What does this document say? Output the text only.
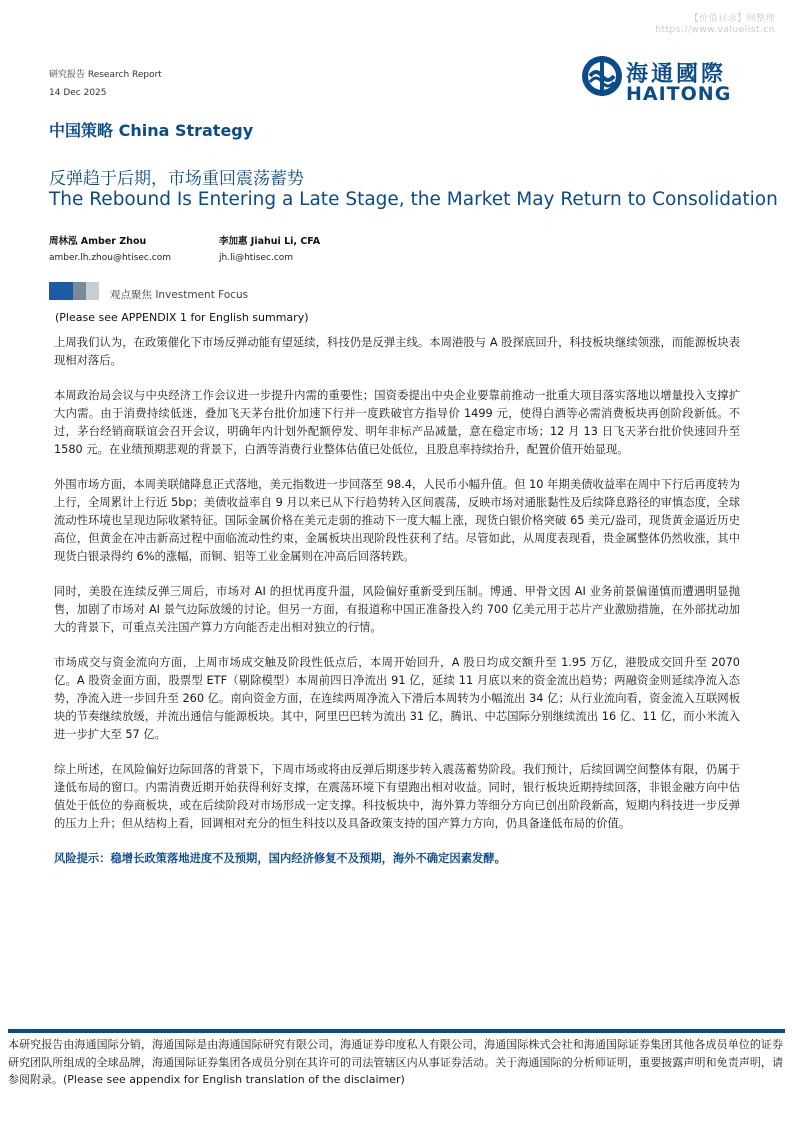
【价值目录】网整理
https://www.valuelist.cn
研究报告 Research Report
14 Dec 2025
海通國際
HAITONG
中国策略 China Strategy
反弹趋于后期，市场重回震荡蓄势
The Rebound Is Entering a Late Stage, the Market May Return to Consolidation
周林泓 Amber Zhou	李加惠 Jiahui Li, CFA
amber.lh.zhou@htisec.com	jh.li@htisec.com
观点聚焦 Investment Focus
(Please see APPENDIX 1 for English summary)

上周我们认为，在政策催化下市场反弹动能有望延续，科技仍是反弹主线。本周港股与 A 股探底回升，科技板块继续领涨，而能源板块表现相对落后。

本周政治局会议与中央经济工作会议进一步提升内需的重要性；国资委提出中央企业要靠前推动一批重大项目落实落地以增量投入支撑扩大内需。由于消费持续低迷，叠加飞天茅台批价加速下行并一度跌破官方指导价 1499 元，使得白酒等必需消费板块再创阶段新低。不过，茅台经销商联谊会召开会议，明确年内计划外配额停发、明年非标产品减量，意在稳定市场；12 月 13 日飞天茅台批价快速回升至 1580 元。在业绩预期悲观的背景下，白酒等消费行业整体估值已处低位，且股息率持续抬升，配置价值开始显现。

外围市场方面，本周美联储降息正式落地，美元指数进一步回落至 98.4，人民币小幅升值。但 10 年期美债收益率在周中下行后再度转为上行，全周累计上行近 5bp；美债收益率自 9 月以来已从下行趋势转入区间震荡，反映市场对通胀黏性及后续降息路径的审慎态度，全球流动性环境也呈现边际收紧特征。国际金属价格在美元走弱的推动下一度大幅上涨，现货白银价格突破 65 美元/盎司，现货黄金逼近历史高位，但黄金在冲击新高过程中面临流动性约束，金属板块出现阶段性获利了结。尽管如此，从周度表现看，贵金属整体仍然收涨，其中现货白银录得约 6%的涨幅，而铜、铝等工业金属则在冲高后回落转跌。

同时，美股在连续反弹三周后，市场对 AI 的担忧再度升温，风险偏好重新受到压制。博通、甲骨文因 AI 业务前景偏谨慎而遭遇明显抛售，加剧了市场对 AI 景气边际放缓的讨论。但另一方面，有报道称中国正准备投入约 700 亿美元用于芯片产业激励措施，在外部扰动加大的背景下，可重点关注国产算力方向能否走出相对独立的行情。

市场成交与资金流向方面，上周市场成交触及阶段性低点后，本周开始回升，A 股日均成交额升至 1.95 万亿，港股成交回升至 2070 亿。A 股资金面方面，股票型 ETF（剔除模型）本周前四日净流出 91 亿，延续 11 月底以来的资金流出趋势；两融资金则延续净流入态势，净流入进一步回升至 260 亿。南向资金方面，在连续两周净流入下滑后本周转为小幅流出 34 亿；从行业流向看，资金流入互联网板块的节奏继续放缓，并流出通信与能源板块。其中，阿里巴巴转为流出 31 亿，腾讯、中芯国际分别继续流出 16 亿、11 亿，而小米流入进一步扩大至 57 亿。

综上所述，在风险偏好边际回落的背景下，下周市场或将由反弹后期逐步转入震荡蓄势阶段。我们预计，后续回调空间整体有限，仍属于逢低布局的窗口。内需消费近期开始获得利好支撑，在震荡环境下有望跑出相对收益。同时，银行板块近期持续回落，非银金融方向中估值处于低位的券商板块，或在后续阶段对市场形成一定支撑。科技板块中，海外算力等细分方向已创出阶段新高，短期内科技进一步反弹的压力上升；但从结构上看，回调相对充分的恒生科技以及具备政策支持的国产算力方向，仍具备逢低布局的价值。

风险提示：稳增长政策落地进度不及预期，国内经济修复不及预期，海外不确定因素发酵。

本研究报告由海通国际分销，海通国际是由海通国际研究有限公司，海通证券印度私人有限公司，海通国际株式会社和海通国际证券集团其他各成员单位的证券研究团队所组成的全球品牌，海通国际证券集团各成员分别在其许可的司法管辖区内从事证券活动。关于海通国际的分析师证明，重要披露声明和免责声明，请参阅附录。(Please see appendix for English translation of the disclaimer)
